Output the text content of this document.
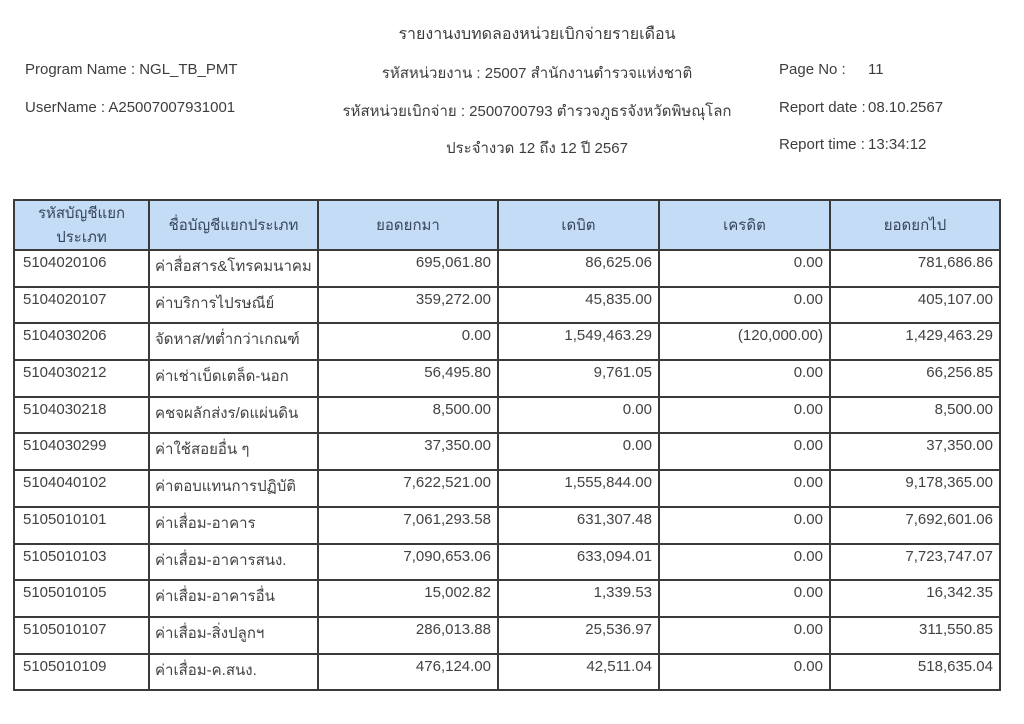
รายงานงบทดลองหน่วยเบิกจ่ายรายเดือน
Program Name : NGL_TB_PMT	รหัสหน่วยงาน : 25007 สำนักงานตำรวจแห่งชาติ	Page No : 11
UserName : A25007007931001	รหัสหน่วยเบิกจ่าย : 2500700793 ตำรวจภูธรจังหวัดพิษณุโลก	Report date : 08.10.2567
ประจำงวด 12 ถึง 12 ปี 2567	Report time : 13:34:12
รหัสบัญชีแยกประเภท	ชื่อบัญชีแยกประเภท	ยอดยกมา	เดบิต	เครดิต	ยอดยกไป
5104020106	ค่าสื่อสาร&โทรคมนาคม	695,061.80	86,625.06	0.00	781,686.86
5104020107	ค่าบริการไปรษณีย์	359,272.00	45,835.00	0.00	405,107.00
5104030206	จัดหาส/ทต่ำกว่าเกณฑ์	0.00	1,549,463.29	(120,000.00)	1,429,463.29
5104030212	ค่าเช่าเบ็ดเตล็ด-นอก	56,495.80	9,761.05	0.00	66,256.85
5104030218	คชจผลักส่งร/ดแผ่นดิน	8,500.00	0.00	0.00	8,500.00
5104030299	ค่าใช้สอยอื่น ๆ	37,350.00	0.00	0.00	37,350.00
5104040102	ค่าตอบแทนการปฏิบัติ	7,622,521.00	1,555,844.00	0.00	9,178,365.00
5105010101	ค่าเสื่อม-อาคาร	7,061,293.58	631,307.48	0.00	7,692,601.06
5105010103	ค่าเสื่อม-อาคารสนง.	7,090,653.06	633,094.01	0.00	7,723,747.07
5105010105	ค่าเสื่อม-อาคารอื่น	15,002.82	1,339.53	0.00	16,342.35
5105010107	ค่าเสื่อม-สิ่งปลูกฯ	286,013.88	25,536.97	0.00	311,550.85
5105010109	ค่าเสื่อม-ค.สนง.	476,124.00	42,511.04	0.00	518,635.04
